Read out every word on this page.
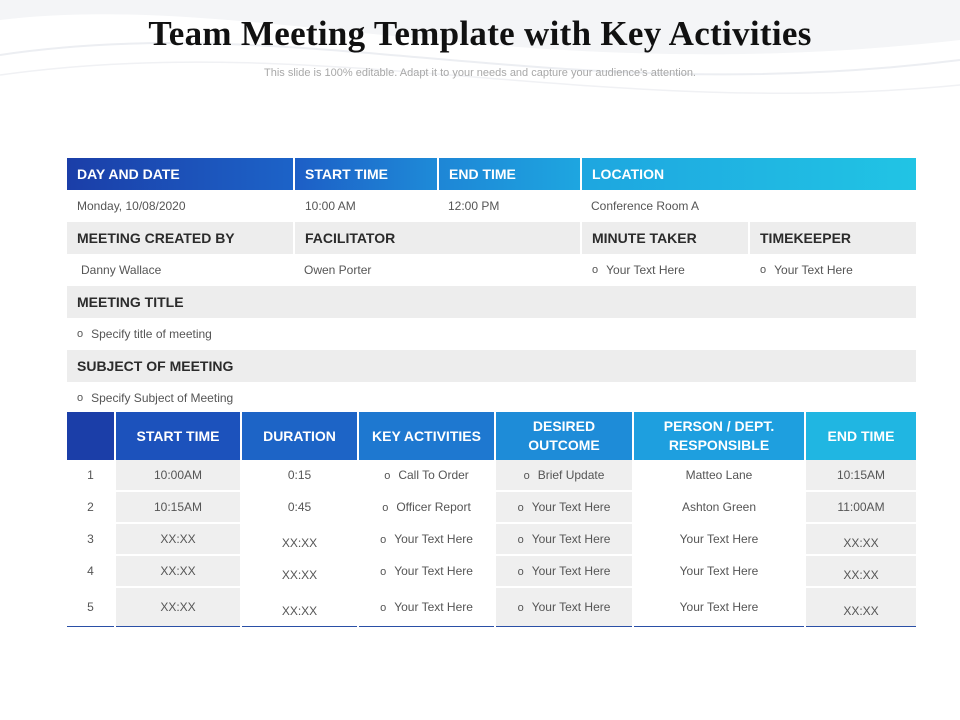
Team Meeting Template with Key Activities
This slide is 100% editable. Adapt it to your needs and capture your audience's attention.
DAY AND DATE	START TIME	END TIME	LOCATION
Monday, 10/08/2020	10:00 AM	12:00 PM	Conference Room A
MEETING CREATED BY	FACILITATOR	MINUTE TAKER	TIMEKEEPER
Danny Wallace	Owen Porter	o Your Text Here	o Your Text Here
MEETING TITLE
o Specify title of meeting
SUBJECT OF MEETING
o Specify Subject of Meeting
	START TIME	DURATION	KEY ACTIVITIES	DESIRED OUTCOME	PERSON / DEPT. RESPONSIBLE	END TIME
1	10:00AM	0:15	o Call To Order	o Brief Update	Matteo Lane	10:15AM
2	10:15AM	0:45	o Officer Report	o Your Text Here	Ashton Green	11:00AM
3	XX:XX	XX:XX	o Your Text Here	o Your Text Here	Your Text Here	XX:XX
4	XX:XX	XX:XX	o Your Text Here	o Your Text Here	Your Text Here	XX:XX
5	XX:XX	XX:XX	o Your Text Here	o Your Text Here	Your Text Here	XX:XX
